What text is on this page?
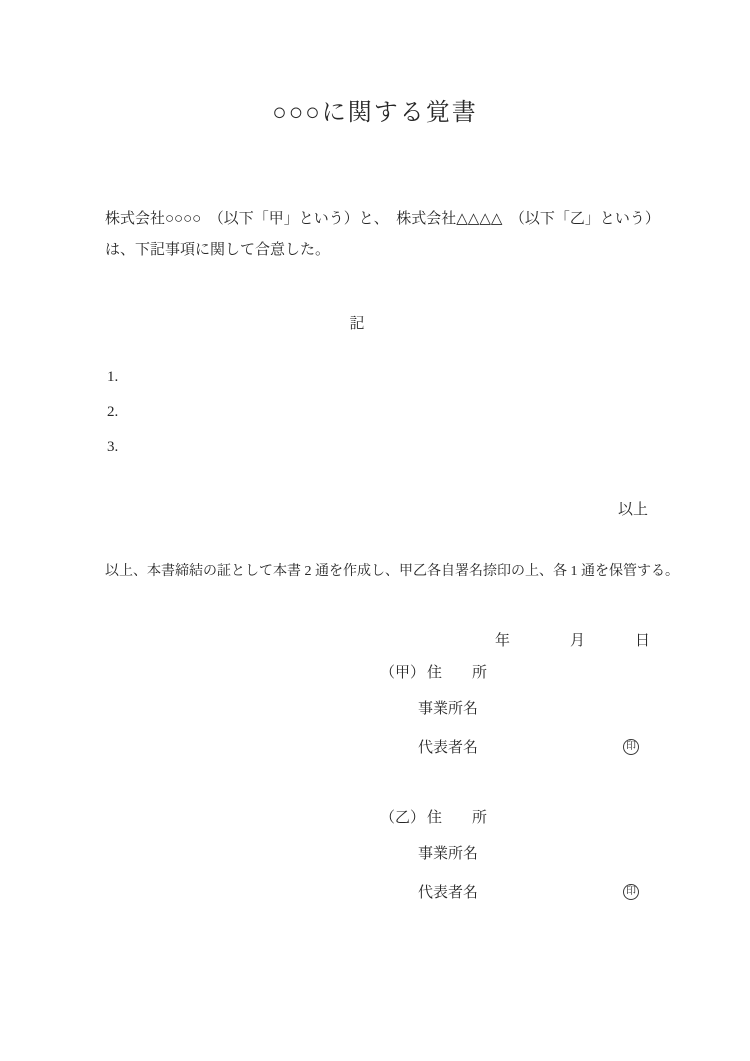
○○○に関する覚書
株式会社○○○○　（以下「甲」という）と、　株式会社△△△△　（以下「乙」という）
は、下記事項に関して合意した。
記
1.
2.
3.
以上
以上、本書締結の証として本書 2 通を作成し、甲乙各自署名捺印の上、各 1 通を保管する。
年	月	日
（甲） 住　　所
事業所名
代表者名	印
（乙） 住　　所
事業所名
代表者名	印
